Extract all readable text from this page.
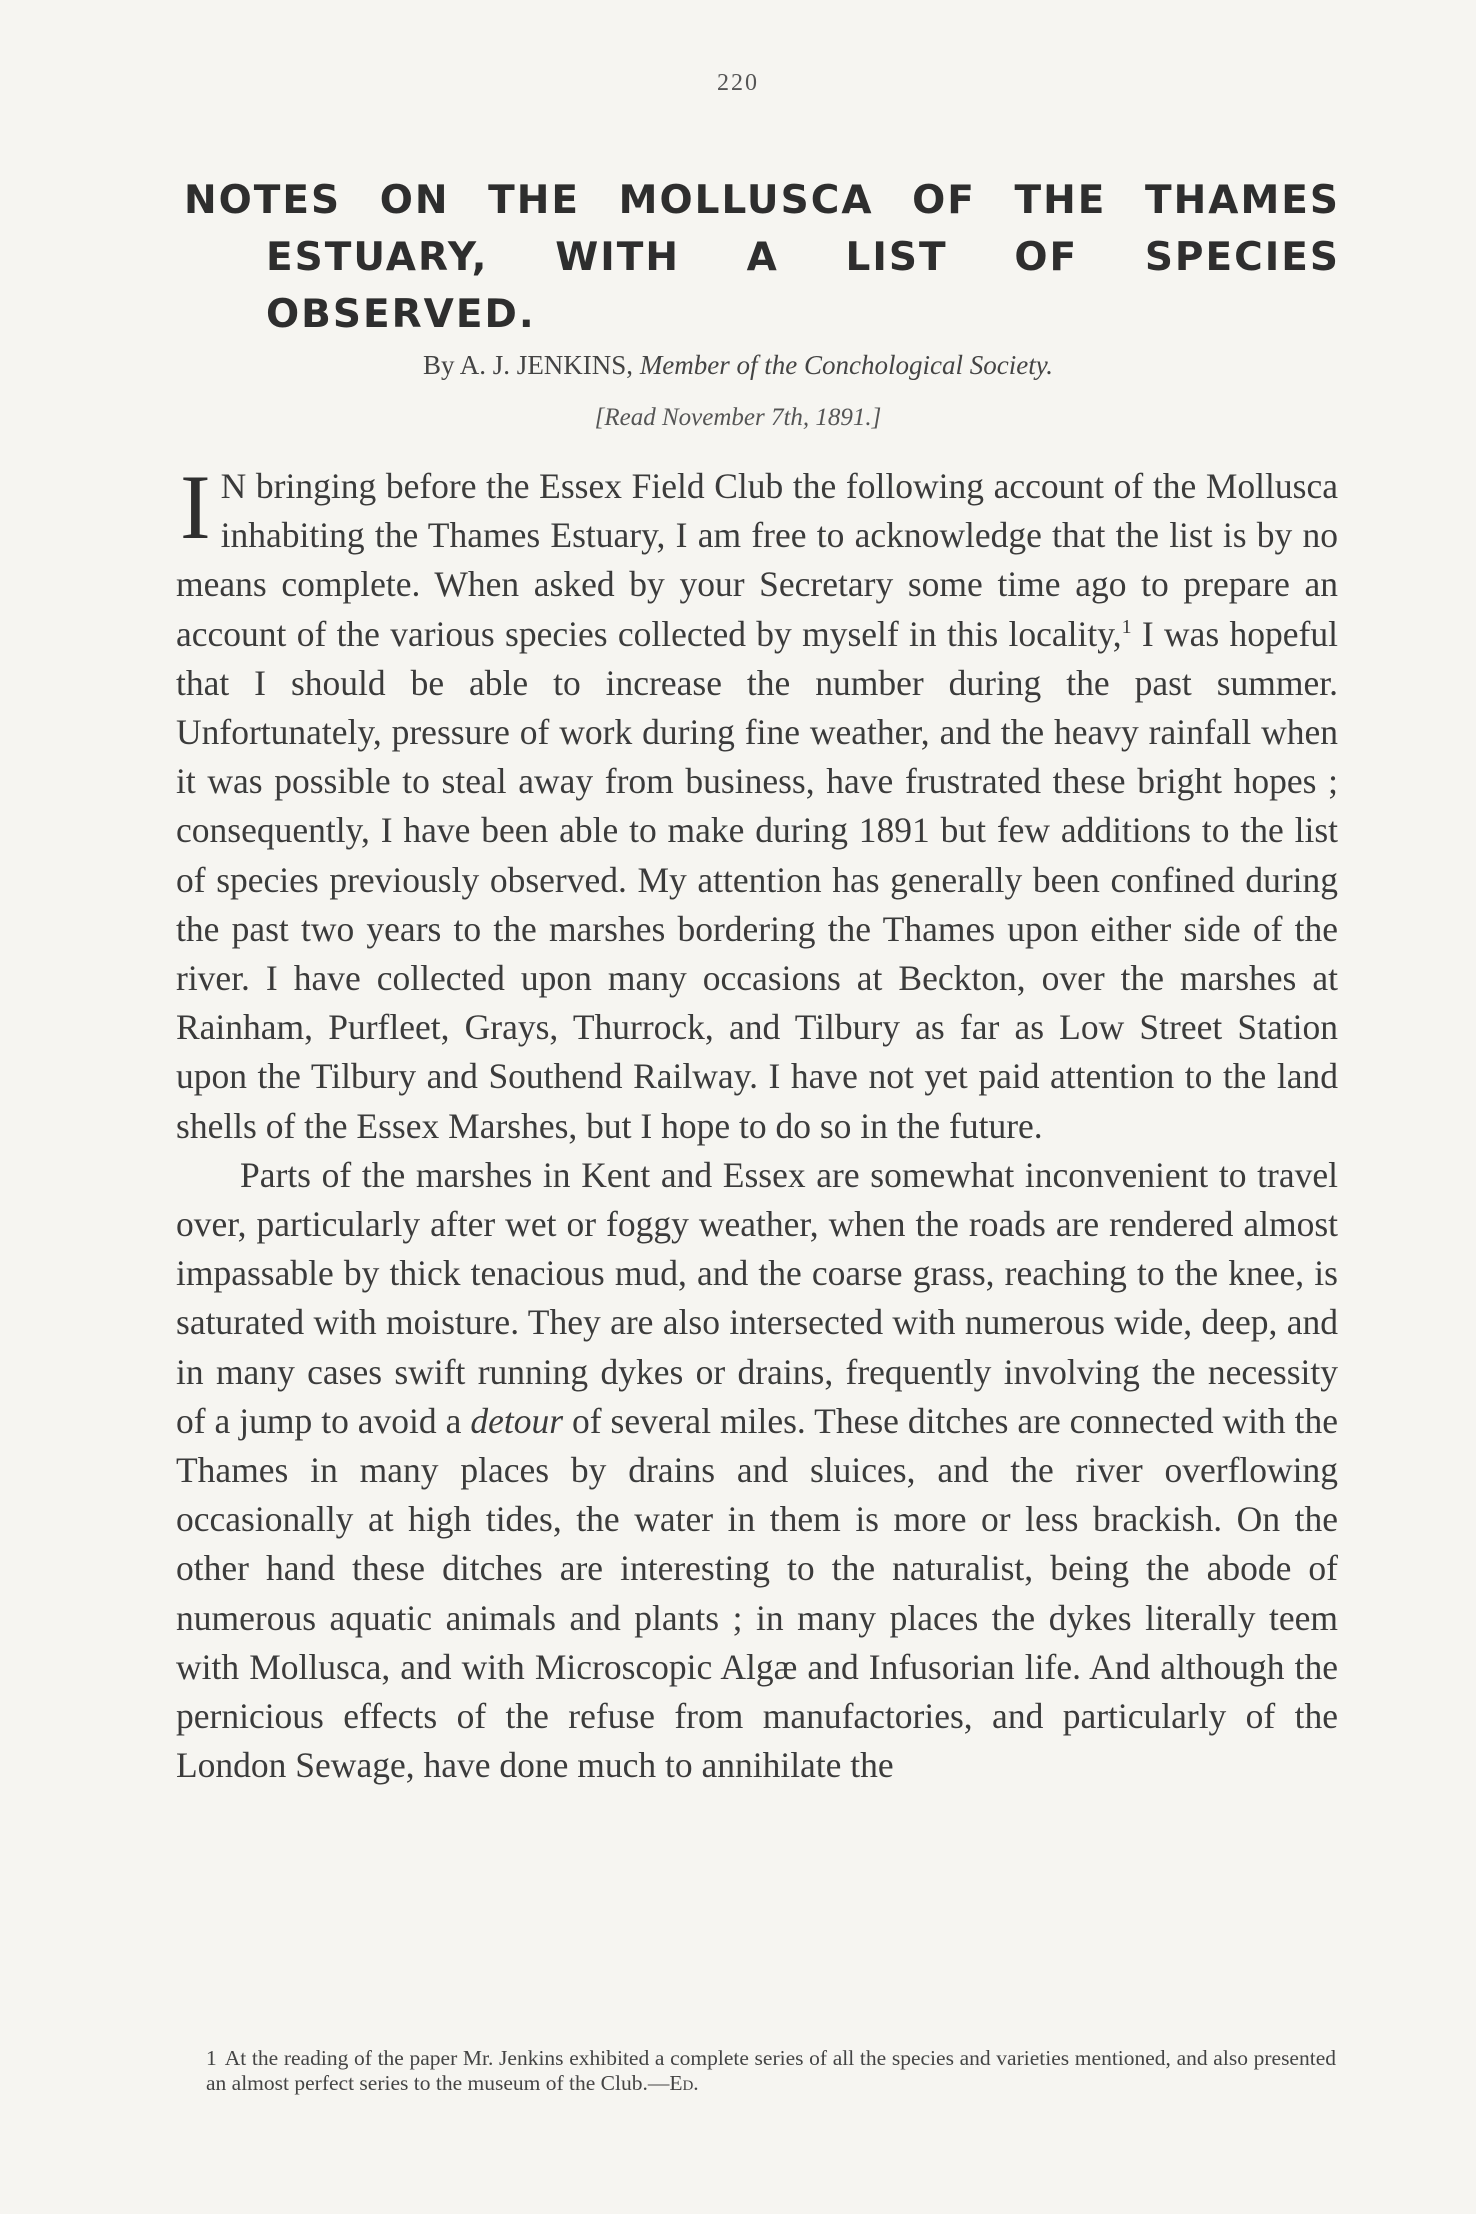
220
NOTES ON THE MOLLUSCA OF THE THAMES
ESTUARY, WITH A LIST OF SPECIES
OBSERVED.
By A. J. JENKINS, Member of the Conchological Society.
[Read November 7th, 1891.]

I N bringing before the Essex Field Club the following account of the Mollusca inhabiting the Thames Estuary, I am free to acknowledge that the list is by no means complete. When asked by your Secretary some time ago to prepare an account of the various species collected by myself in this locality,$^1$ I was hopeful that I should be able to increase the number during the past summer. Unfortunately, pressure of work during fine weather, and the heavy rainfall when it was possible to steal away from business, have frustrated these bright hopes ; consequently, I have been able to make during 1891 but few additions to the list of species previously observed. My attention has generally been confined during the past two years to the marshes bordering the Thames upon either side of the river. I have collected upon many occasions at Beckton, over the marshes at Rainham, Purfleet, Grays, Thurrock, and Tilbury as far as Low Street Station upon the Tilbury and Southend Railway. I have not yet paid attention to the land shells of the Essex Marshes, but I hope to do so in the future.

Parts of the marshes in Kent and Essex are somewhat inconvenient to travel over, particularly after wet or foggy weather, when the roads are rendered almost impassable by thick tenacious mud, and the coarse grass, reaching to the knee, is saturated with moisture. They are also intersected with numerous wide, deep, and in many cases swift running dykes or drains, frequently involving the necessity of a jump to avoid a detour of several miles. These ditches are connected with the Thames in many places by drains and sluices, and the river overflowing occasionally at high tides, the water in them is more or less brackish. On the other hand these ditches are interesting to the naturalist, being the abode of numerous aquatic animals and plants ; in many places the dykes literally teem with Mollusca, and with Microscopic Algæ and Infusorian life. And although the pernicious effects of the refuse from manufactories, and particularly of the London Sewage, have done much to annihilate the

1 At the reading of the paper Mr. Jenkins exhibited a complete series of all the species and varieties mentioned, and also presented an almost perfect series to the museum of the Club.—Ed.
